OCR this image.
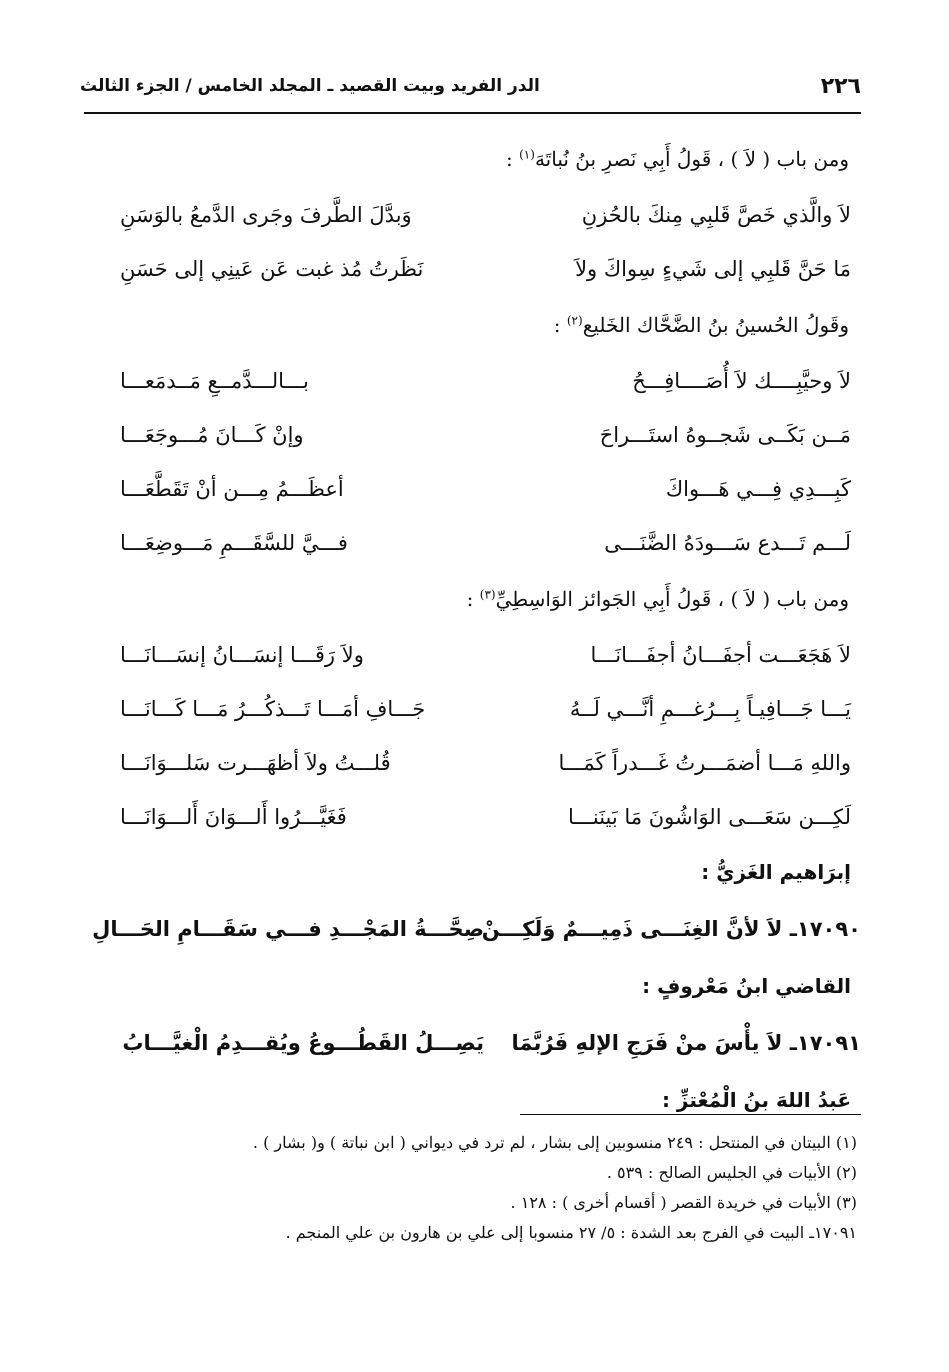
الدر الفريد وبيت القصيد ـ المجلد الخامس / الجزء الثالث	٢٢٦
ومن باب ( لاَ ) ، قَولُ أَبِي نَصرِ بنُ نُباتَهَ$^{(١)}$ :
لاَ والَّذي خَصَّ قَلبِي مِنكَ بالحُزنِ
وَبدَّلَ الطَّرفَ وجَرى الدَّمعُ بالوَسَنِ
مَا حَنَّ قَلبِي إلى شَيءٍ سِواكَ ولاَ
نَظَرتُ مُذ غبت عَن عَينِي إلى حَسَنِ
وقَولُ الحُسينُ بنُ الضَّحَّاك الخَليع$^{(٢)}$ :
لاَ وحيَّبِــــك لاَ أُصَــــافِـــحُ
بـــالـــدَّمــعِ مَــدمَعـــا
مَــن بَكَــى شَجــوهُ استَـــراحَ
وإنْ كَـــانَ مُـــوجَعَـــا
كَبِـــدِي فِـــي هَـــواكَ
أعظَـــمُ مِـــن أنْ تَقَطَّعَـــا
لَـــم تَـــدع سَـــودَهُ الضَّنَـــى
فـــيَّ للسَّقَـــمِ مَـــوضِعَـــا
ومن باب ( لاَ ) ، قَولُ أَبِي الجَوائز الوَاسِطِيِّ$^{(٣)}$ :
لاَ هَجَعَـــت أجفَـــانُ أجفَـــانَـــا
ولاَ رَقَـــا إنسَـــانُ إنسَـــانَـــا
يَـــا جَـــافِيـاً بِـــرُغـــمِ أنَّـــي لَــهُ
جَـــافِ أمَـــا تَـــذكُـــرُ مَـــا كَـــانَـــا
واللهِ مَـــا أضمَـــرتُ غَـــدراً كَمَـــا
قُلـــتُ ولاَ أظهَـــرت سَلـــوَانَـــا
لَكِـــن سَعَـــى الوَاشُونَ مَا بَينَنـــا
فَغَيَّـــرُوا أَلـــوَانَ أَلـــوَانَـــا
إبرَاهيم الغَزيُّ :
١٧٠٩٠ـ لاَ لأنَّ الغِنَـــى ذَمِيـــمٌ وَلَكِـــنْ
صِحَّـــةُ المَجْـــدِ فـــي سَقَـــامِ الحَـــالِ
القاضي ابنُ مَعْروفٍ :
١٧٠٩١ـ لاَ يأْسَ منْ فَرَجِ الإلهِ فَرُبَّمَا
يَصِـــلُ القَطُـــوعُ ويُقـــدِمُ الْغيَّـــابُ
عَبدُ اللهَ بنُ الْمُعْتزِّ :
(١) البيتان في المنتحل : ٢٤٩ منسوبين إلى بشار ، لم ترد في ديواني ( ابن نباتة ) و( بشار ) .
(٢) الأبيات في الجليس الصالح : ٥٣٩ .
(٣) الأبيات في خريدة القصر ( أقسام أخرى ) : ١٢٨ .
١٧٠٩١ـ البيت في الفرج بعد الشدة : ٥/ ٢٧ منسوبا إلى علي بن هارون بن علي المنجم .
